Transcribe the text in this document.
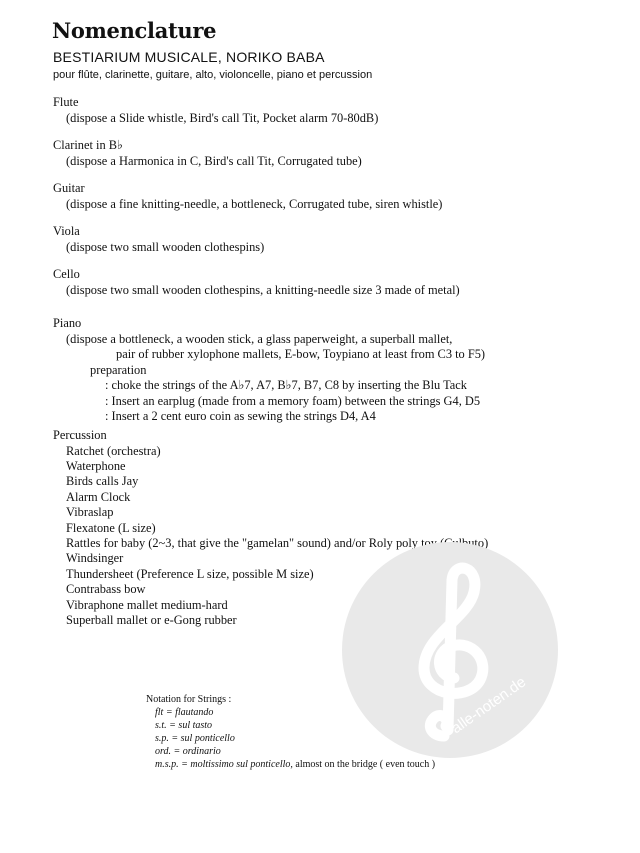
Nomenclature
BESTIARIUM MUSICALE, NORIKO BABA
pour flûte, clarinette, guitare, alto, violoncelle, piano et percussion
Flute
(dispose a Slide whistle, Bird's call Tit, Pocket alarm 70-80dB)
Clarinet in B♭
(dispose a Harmonica in C, Bird's call Tit, Corrugated tube)
Guitar
(dispose a fine knitting-needle, a bottleneck, Corrugated tube, siren whistle)
Viola
(dispose two small wooden clothespins)
Cello
(dispose two small wooden clothespins, a knitting-needle size 3 made of metal)
Piano
(dispose a bottleneck, a wooden stick, a glass paperweight, a superball mallet,
pair of rubber xylophone mallets, E-bow, Toypiano at least from C3 to F5)
preparation
: choke the strings of the A♭7, A7, B♭7, B7, C8 by inserting the Blu Tack
: Insert an earplug (made from a memory foam) between the strings G4, D5
: Insert a 2 cent euro coin as sewing the strings D4, A4
Percussion
Ratchet (orchestra)
Waterphone
Birds calls Jay
Alarm Clock
Vibraslap
Flexatone (L size)
Rattles for baby (2~3, that give the "gamelan" sound) and/or Roly poly toy (Culbuto)
Windsinger
Thundersheet (Preference L size, possible M size)
Contrabass bow
Vibraphone mallet medium-hard
Superball mallet or e-Gong rubber
alle-noten.de
Notation for Strings :
flt = flautando
s.t. = sul tasto
s.p. = sul ponticello
ord. = ordinario
m.s.p. = moltissimo sul ponticello, almost on the bridge ( even touch )
